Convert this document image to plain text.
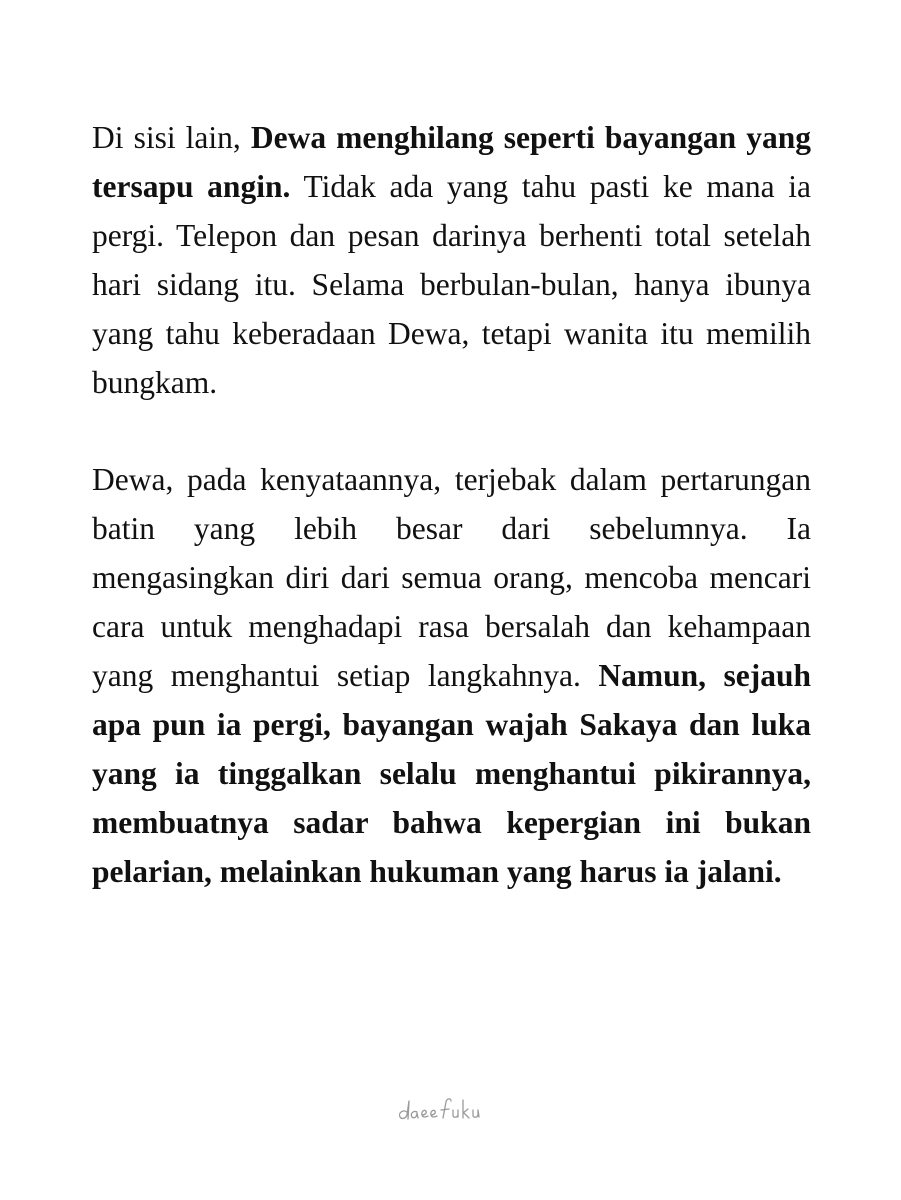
Di sisi lain, Dewa menghilang seperti bayangan yang tersapu angin. Tidak ada yang tahu pasti ke mana ia pergi. Telepon dan pesan darinya berhenti total setelah hari sidang itu. Selama berbulan-bulan, hanya ibunya yang tahu keberadaan Dewa, tetapi wanita itu memilih bungkam.

Dewa, pada kenyataannya, terjebak dalam pertarungan batin yang lebih besar dari sebelumnya. Ia mengasingkan diri dari semua orang, mencoba mencari cara untuk menghadapi rasa bersalah dan kehampaan yang menghantui setiap langkahnya. Namun, sejauh apa pun ia pergi, bayangan wajah Sakaya dan luka yang ia tinggalkan selalu menghantui pikirannya, membuatnya sadar bahwa kepergian ini bukan pelarian, melainkan hukuman yang harus ia jalani.
